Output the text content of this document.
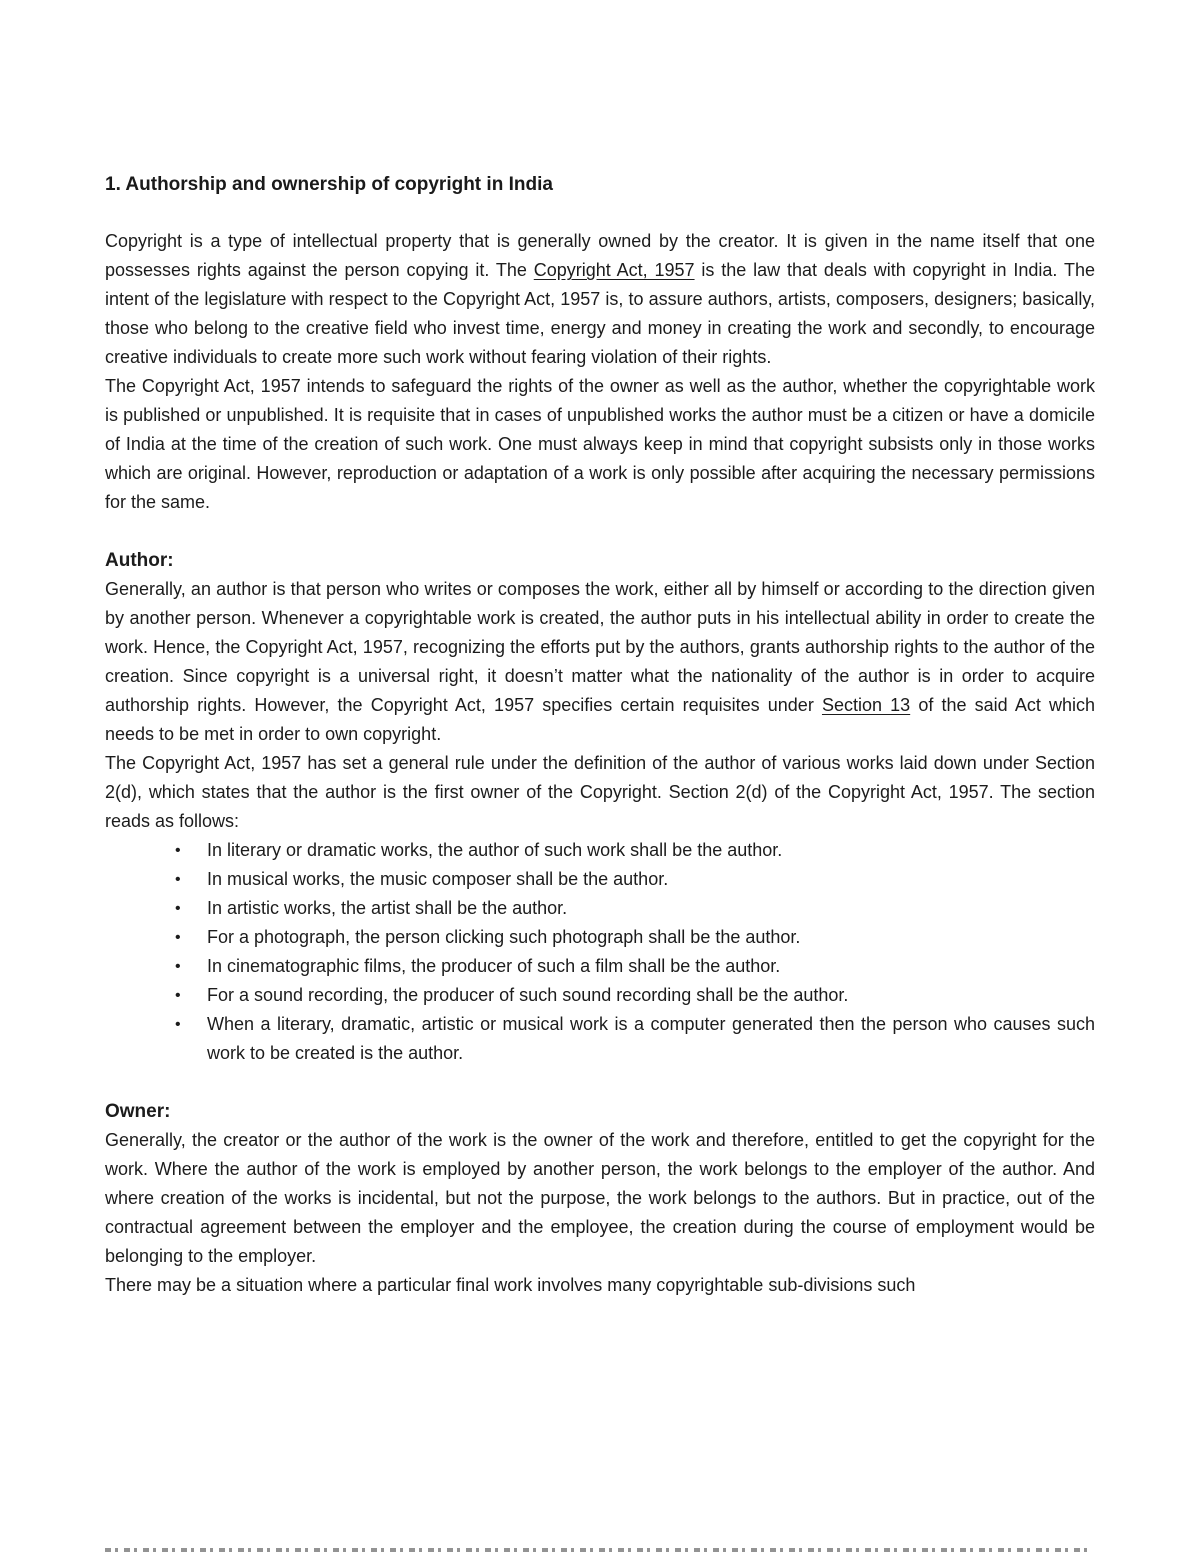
1. Authorship and ownership of copyright in India

Copyright is a type of intellectual property that is generally owned by the creator. It is given in the name itself that one possesses rights against the person copying it. The Copyright Act, 1957 is the law that deals with copyright in India. The intent of the legislature with respect to the Copyright Act, 1957 is, to assure authors, artists, composers, designers; basically, those who belong to the creative field who invest time, energy and money in creating the work and secondly, to encourage creative individuals to create more such work without fearing violation of their rights.

The Copyright Act, 1957 intends to safeguard the rights of the owner as well as the author, whether the copyrightable work is published or unpublished. It is requisite that in cases of unpublished works the author must be a citizen or have a domicile of India at the time of the creation of such work. One must always keep in mind that copyright subsists only in those works which are original. However, reproduction or adaptation of a work is only possible after acquiring the necessary permissions for the same.

Author:

Generally, an author is that person who writes or composes the work, either all by himself or according to the direction given by another person. Whenever a copyrightable work is created, the author puts in his intellectual ability in order to create the work. Hence, the Copyright Act, 1957, recognizing the efforts put by the authors, grants authorship rights to the author of the creation. Since copyright is a universal right, it doesn’t matter what the nationality of the author is in order to acquire authorship rights. However, the Copyright Act, 1957 specifies certain requisites under Section 13 of the said Act which needs to be met in order to own copyright.

The Copyright Act, 1957 has set a general rule under the definition of the author of various works laid down under Section 2(d), which states that the author is the first owner of the Copyright. Section 2(d) of the Copyright Act, 1957. The section reads as follows:

• In literary or dramatic works, the author of such work shall be the author.
• In musical works, the music composer shall be the author.
• In artistic works, the artist shall be the author.
• For a photograph, the person clicking such photograph shall be the author.
• In cinematographic films, the producer of such a film shall be the author.
• For a sound recording, the producer of such sound recording shall be the author.
• When a literary, dramatic, artistic or musical work is a computer generated then the person who causes such work to be created is the author.
Owner:

Generally, the creator or the author of the work is the owner of the work and therefore, entitled to get the copyright for the work. Where the author of the work is employed by another person, the work belongs to the employer of the author. And where creation of the works is incidental, but not the purpose, the work belongs to the authors. But in practice, out of the contractual agreement between the employer and the employee, the creation during the course of employment would be belonging to the employer.

There may be a situation where a particular final work involves many copyrightable sub-divisions such
